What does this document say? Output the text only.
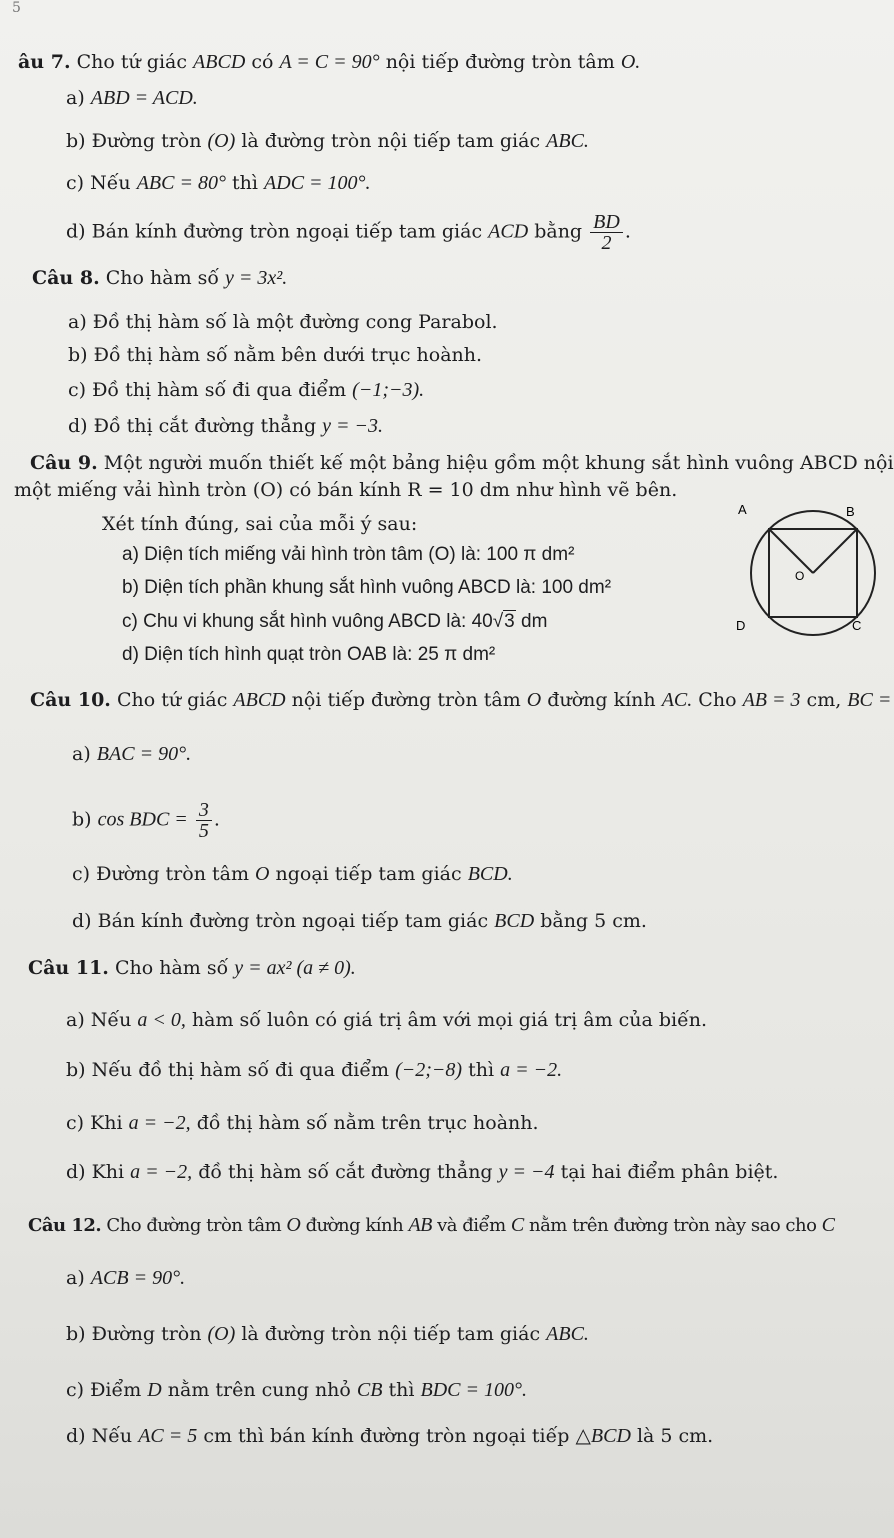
5
âu 7. Cho tứ giác ABCD có A = C = 90° nội tiếp đường tròn tâm O.
a) ABD = ACD.
b) Đường tròn (O) là đường tròn nội tiếp tam giác ABC.
c) Nếu ABC = 80° thì ADC = 100°.
d) Bán kính đường tròn ngoại tiếp tam giác ACD bằng $\frac{BD}{2}$ .
Câu 8. Cho hàm số y = 3x².
a) Đồ thị hàm số là một đường cong Parabol.
b) Đồ thị hàm số nằm bên dưới trục hoành.
c) Đồ thị hàm số đi qua điểm (−1;−3).
d) Đồ thị cắt đường thẳng y = −3.
Câu 9. Một người muốn thiết kế một bảng hiệu gồm một khung sắt hình vuông ABCD nội
một miếng vải hình tròn (O) có bán kính R = 10 dm như hình vẽ bên.
Xét tính đúng, sai của mỗi ý sau:
a) Diện tích miếng vải hình tròn tâm (O) là: 100 π dm²
b) Diện tích phần khung sắt hình vuông ABCD là: 100 dm²
c) Chu vi khung sắt hình vuông ABCD là: 40√3 dm
d) Diện tích hình quạt tròn OAB là: 25 π dm²
A	B
O
D	C
Câu 10. Cho tứ giác ABCD nội tiếp đường tròn tâm O đường kính AC. Cho AB = 3 cm, BC =
a) BAC = 90°.
b) cos BDC = $\frac{3}{5}$ .
c) Đường tròn tâm O ngoại tiếp tam giác BCD.
d) Bán kính đường tròn ngoại tiếp tam giác BCD bằng 5 cm.
Câu 11. Cho hàm số y = ax² (a ≠ 0).
a) Nếu a < 0, hàm số luôn có giá trị âm với mọi giá trị âm của biến.
b) Nếu đồ thị hàm số đi qua điểm (−2;−8) thì a = −2.
c) Khi a = −2, đồ thị hàm số nằm trên trục hoành.
d) Khi a = −2, đồ thị hàm số cắt đường thẳng y = −4 tại hai điểm phân biệt.
Câu 12. Cho đường tròn tâm O đường kính AB và điểm C nằm trên đường tròn này sao cho C
a) ACB = 90°.
b) Đường tròn (O) là đường tròn nội tiếp tam giác ABC.
c) Điểm D nằm trên cung nhỏ CB thì BDC = 100°.
d) Nếu AC = 5 cm thì bán kính đường tròn ngoại tiếp △BCD là 5 cm.
